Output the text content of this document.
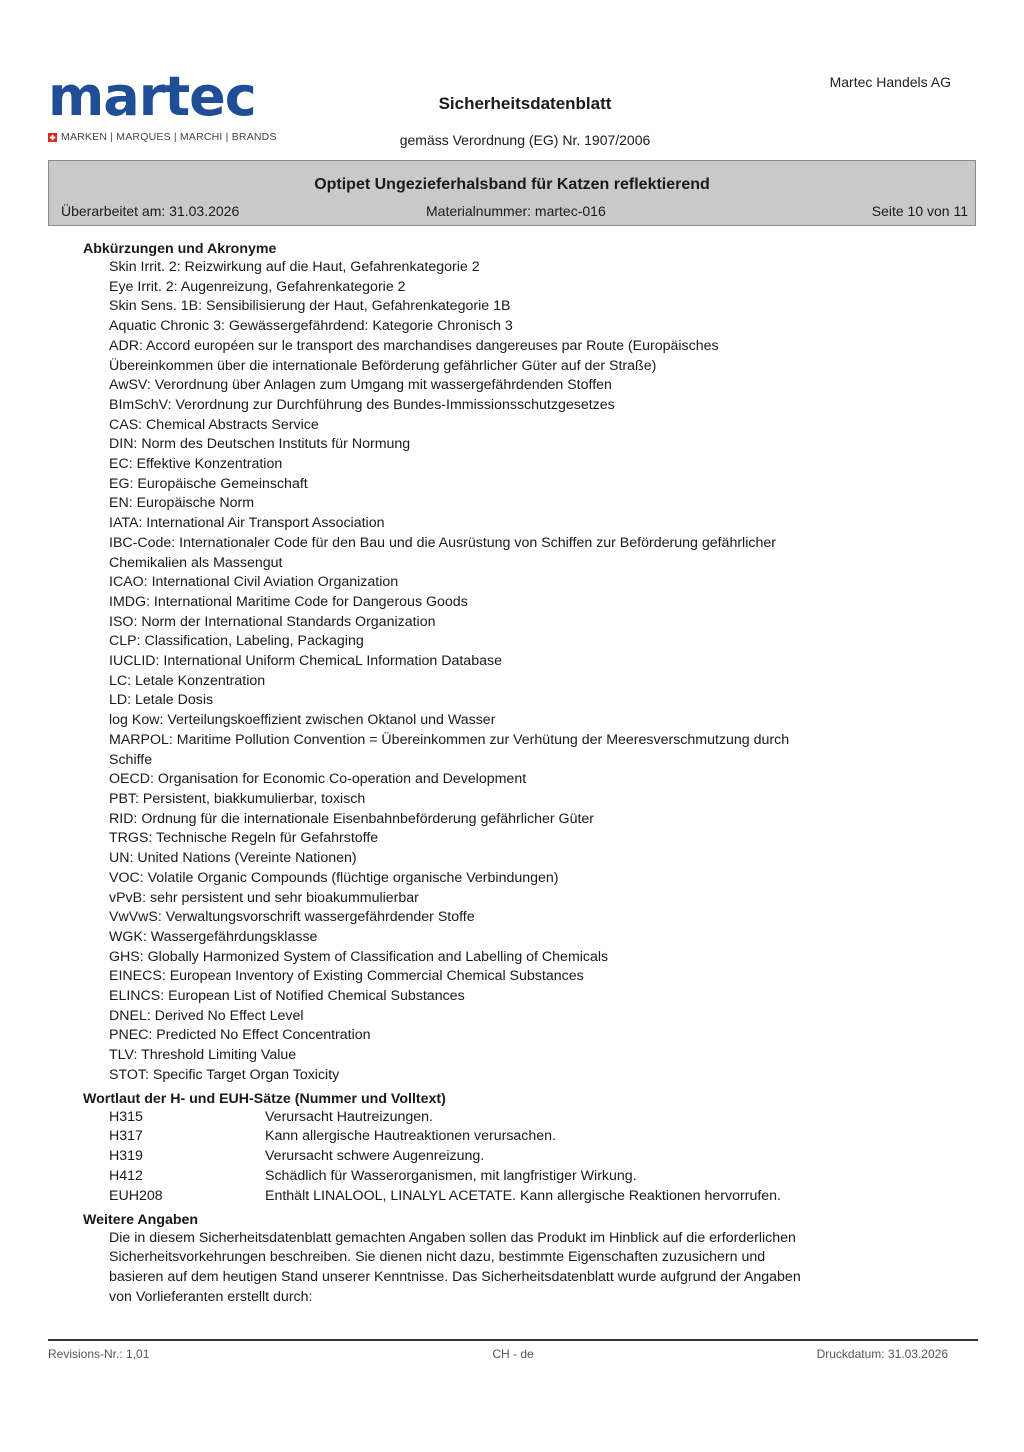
martec
MARKEN | MARQUES | MARCHI | BRANDS
Martec Handels AG
Sicherheitsdatenblatt
gemäss Verordnung (EG) Nr. 1907/2006
Optipet Ungezieferhalsband für Katzen reflektierend
Überarbeitet am: 31.03.2026	Materialnummer: martec-016	Seite 10 von 11
Abkürzungen und Akronyme
Skin Irrit. 2: Reizwirkung auf die Haut, Gefahrenkategorie 2
Eye Irrit. 2: Augenreizung, Gefahrenkategorie 2
Skin Sens. 1B: Sensibilisierung der Haut, Gefahrenkategorie 1B
Aquatic Chronic 3: Gewässergefährdend: Kategorie Chronisch 3
ADR: Accord européen sur le transport des marchandises dangereuses par Route (Europäisches
Übereinkommen über die internationale Beförderung gefährlicher Güter auf der Straße)
AwSV: Verordnung über Anlagen zum Umgang mit wassergefährdenden Stoffen
BImSchV: Verordnung zur Durchführung des Bundes-Immissionsschutzgesetzes
CAS: Chemical Abstracts Service
DIN: Norm des Deutschen Instituts für Normung
EC: Effektive Konzentration
EG: Europäische Gemeinschaft
EN: Europäische Norm
IATA: International Air Transport Association
IBC-Code: Internationaler Code für den Bau und die Ausrüstung von Schiffen zur Beförderung gefährlicher
Chemikalien als Massengut
ICAO: International Civil Aviation Organization
IMDG: International Maritime Code for Dangerous Goods
ISO: Norm der International Standards Organization
CLP: Classification, Labeling, Packaging
IUCLID: International Uniform ChemicaL Information Database
LC: Letale Konzentration
LD: Letale Dosis
log Kow: Verteilungskoeffizient zwischen Oktanol und Wasser
MARPOL: Maritime Pollution Convention = Übereinkommen zur Verhütung der Meeresverschmutzung durch
Schiffe
OECD: Organisation for Economic Co-operation and Development
PBT: Persistent, biakkumulierbar, toxisch
RID: Ordnung für die internationale Eisenbahnbeförderung gefährlicher Güter
TRGS: Technische Regeln für Gefahrstoffe
UN: United Nations (Vereinte Nationen)
VOC: Volatile Organic Compounds (flüchtige organische Verbindungen)
vPvB: sehr persistent und sehr bioakummulierbar
VwVwS: Verwaltungsvorschrift wassergefährdender Stoffe
WGK: Wassergefährdungsklasse
GHS: Globally Harmonized System of Classification and Labelling of Chemicals
EINECS: European Inventory of Existing Commercial Chemical Substances
ELINCS: European List of Notified Chemical Substances
DNEL: Derived No Effect Level
PNEC: Predicted No Effect Concentration
TLV: Threshold Limiting Value
STOT: Specific Target Organ Toxicity
Wortlaut der H- und EUH-Sätze (Nummer und Volltext)
H315	Verursacht Hautreizungen.
H317	Kann allergische Hautreaktionen verursachen.
H319	Verursacht schwere Augenreizung.
H412	Schädlich für Wasserorganismen, mit langfristiger Wirkung.
EUH208	Enthält LINALOOL, LINALYL ACETATE. Kann allergische Reaktionen hervorrufen.
Weitere Angaben
Die in diesem Sicherheitsdatenblatt gemachten Angaben sollen das Produkt im Hinblick auf die erforderlichen
Sicherheitsvorkehrungen beschreiben. Sie dienen nicht dazu, bestimmte Eigenschaften zuzusichern und
basieren auf dem heutigen Stand unserer Kenntnisse. Das Sicherheitsdatenblatt wurde aufgrund der Angaben
von Vorlieferanten erstellt durch:
Revisions-Nr.: 1,01	CH - de	Druckdatum: 31.03.2026
